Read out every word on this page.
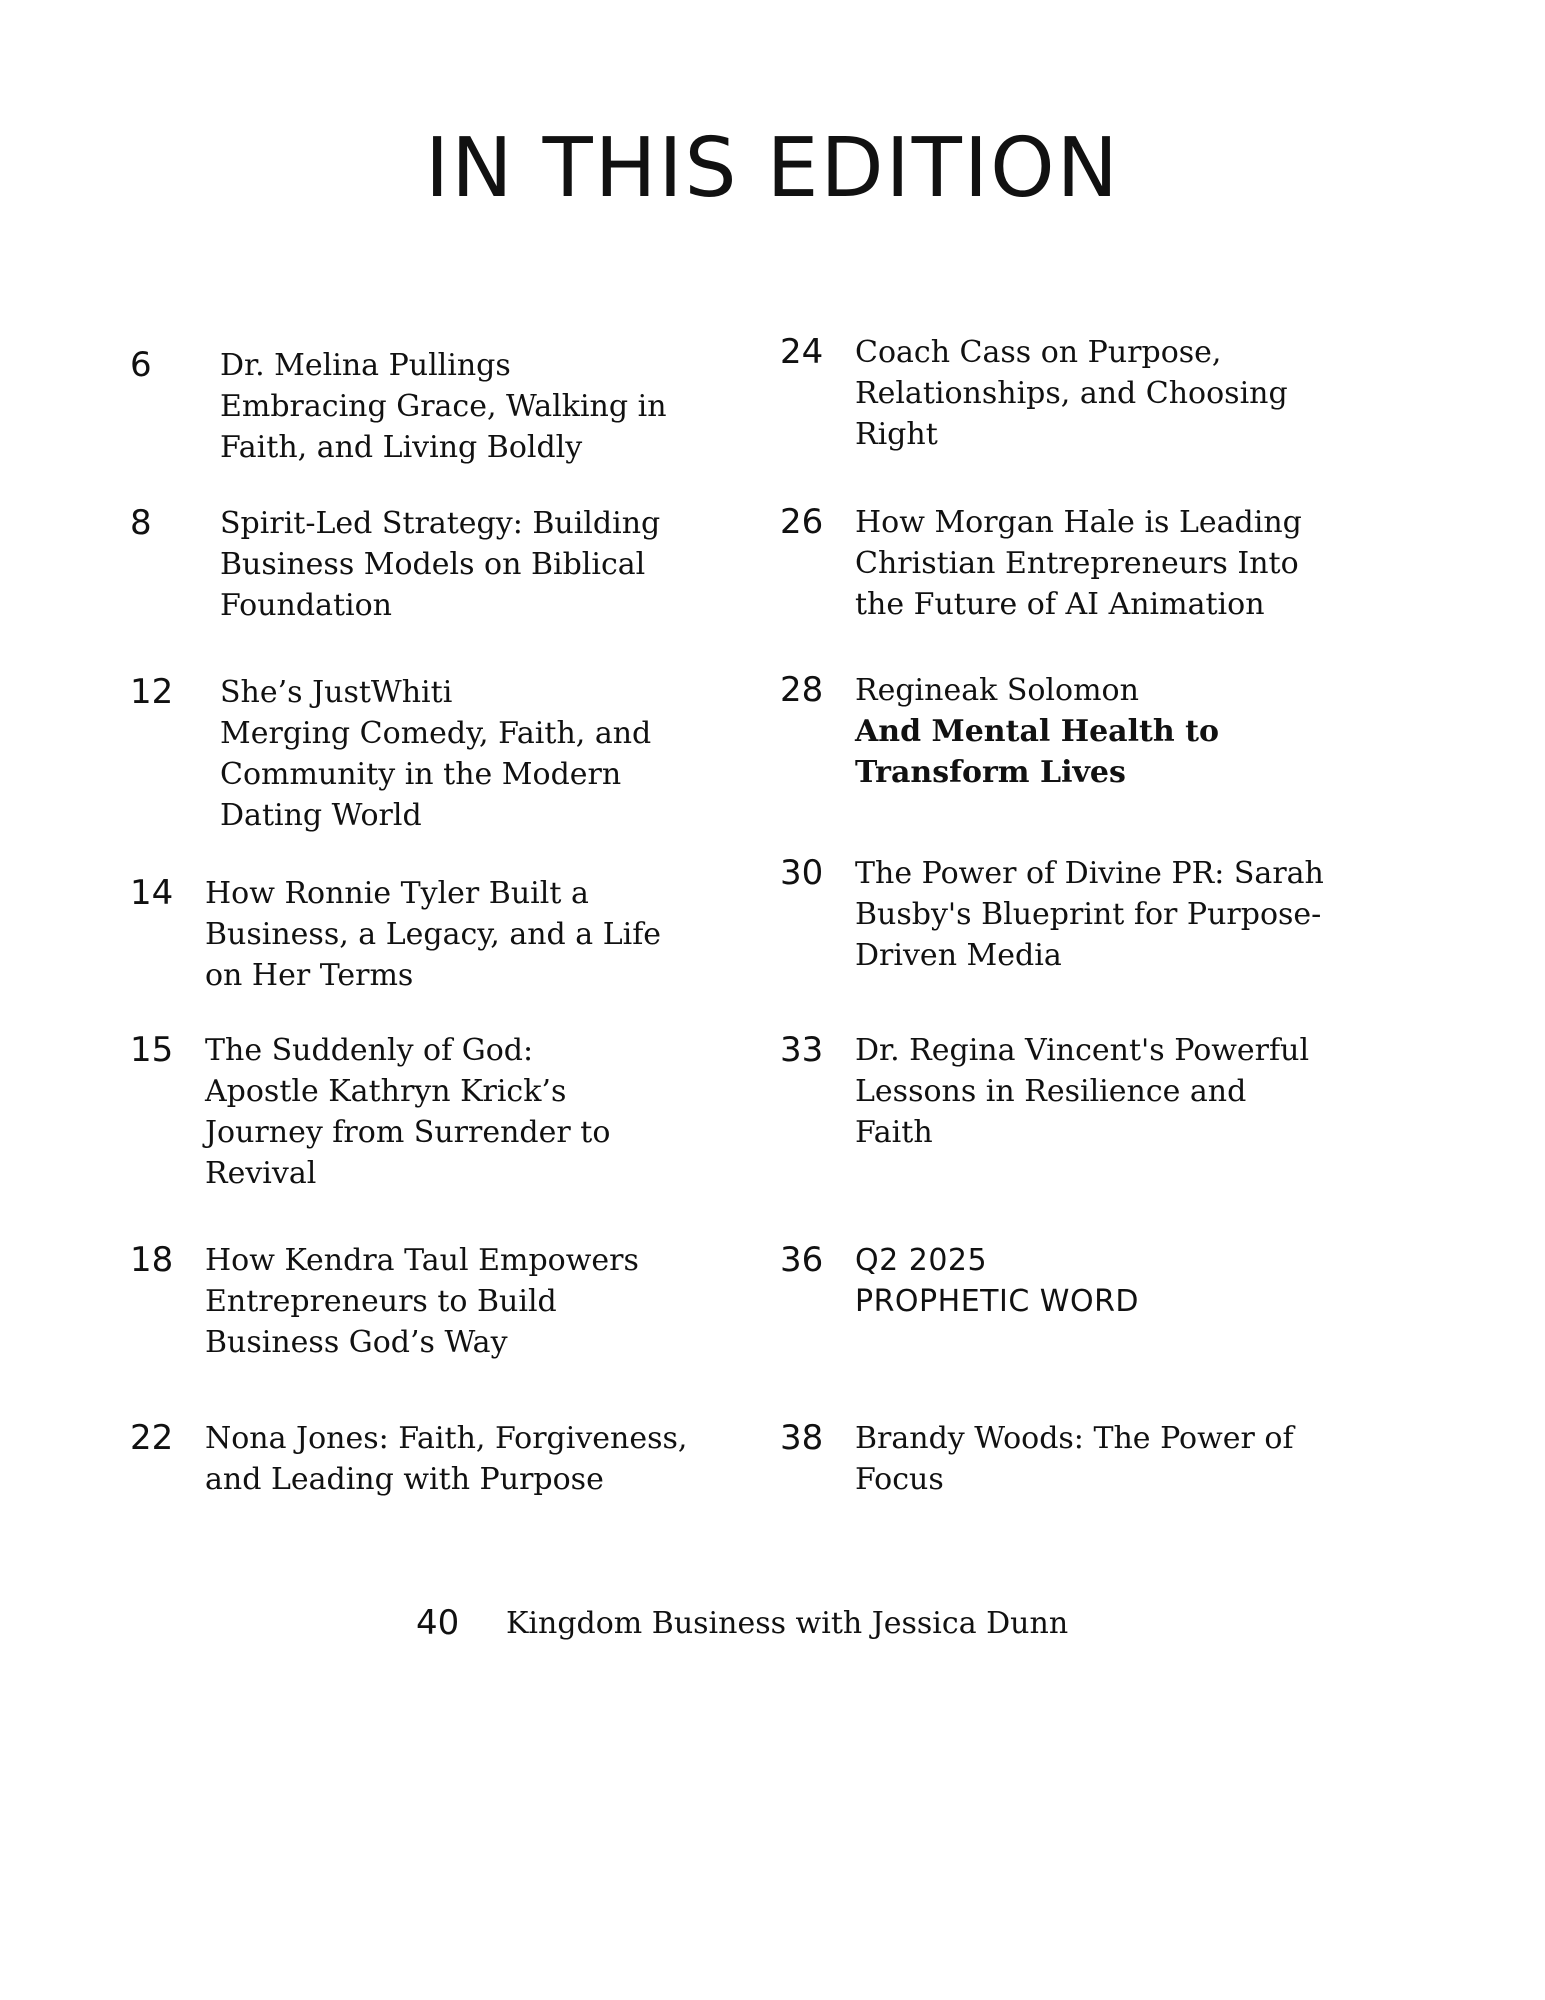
IN THIS EDITION
6 Dr. Melina Pullings
Embracing Grace, Walking in
Faith, and Living Boldly
8 Spirit-Led Strategy: Building
Business Models on Biblical
Foundation
12 She’s JustWhiti
Merging Comedy, Faith, and
Community in the Modern
Dating World
14 How Ronnie Tyler Built a
Business, a Legacy, and a Life
on Her Terms
15 The Suddenly of God:
Apostle Kathryn Krick’s
Journey from Surrender to
Revival
18 How Kendra Taul Empowers
Entrepreneurs to Build
Business God’s Way
22 Nona Jones: Faith, Forgiveness,
and Leading with Purpose
24 Coach Cass on Purpose,
Relationships, and Choosing
Right
26 How Morgan Hale is Leading
Christian Entrepreneurs Into
the Future of AI Animation
28 Regineak Solomon
And Mental Health to
Transform Lives
30 The Power of Divine PR: Sarah
Busby's Blueprint for Purpose-
Driven Media
33 Dr. Regina Vincent's Powerful
Lessons in Resilience and
Faith
36 Q2 2025
PROPHETIC WORD
38 Brandy Woods: The Power of
Focus
40 Kingdom Business with Jessica Dunn
